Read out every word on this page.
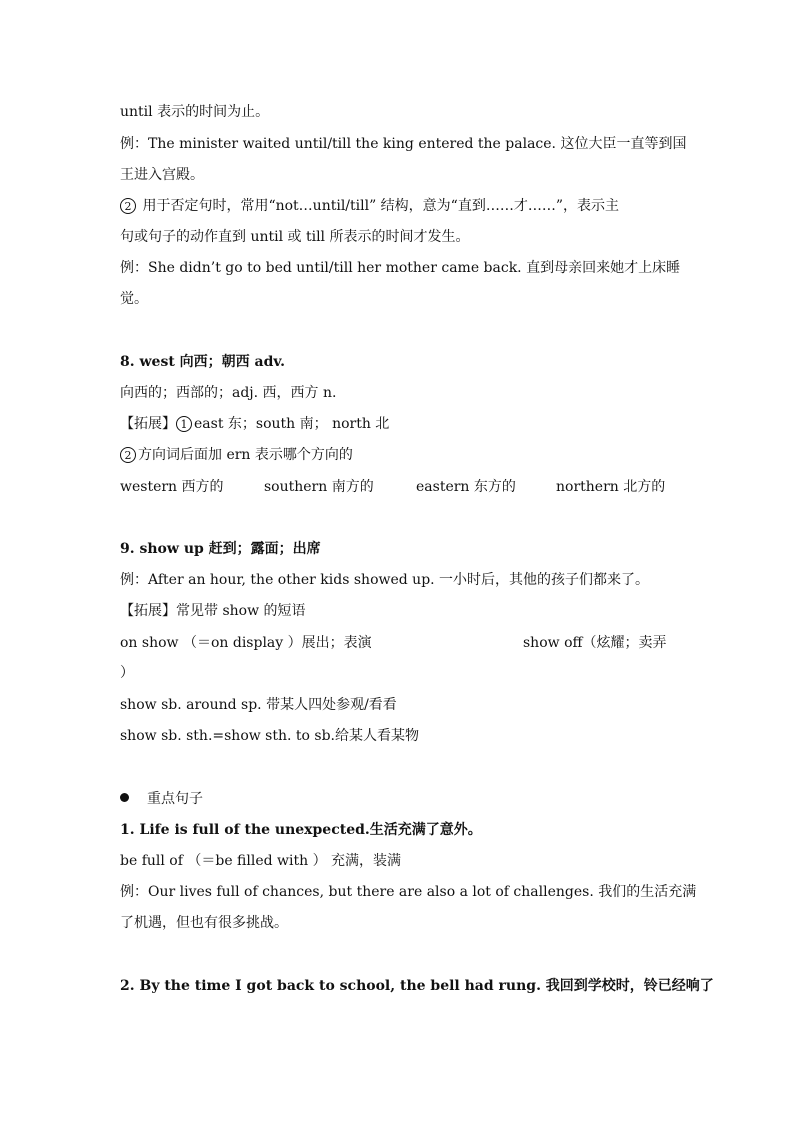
until 表示的时间为止。
例：The minister waited until/till the king entered the palace. 这位大臣一直等到国
王进入宫殿。
2 用于否定句时，常用“not…until/till” 结构，意为“直到……才……”，表示主
句或句子的动作直到 until 或 till 所表示的时间才发生。
例：She didn’t go to bed until/till her mother came back. 直到母亲回来她才上床睡
觉。
8. west 向西；朝西 adv.
向西的；西部的；adj. 西，西方 n.
【拓展】 1 east 东；south 南； north 北
2 方向词后面加 ern 表示哪个方向的
western 西方的	southern 南方的	eastern 东方的	northern 北方的
9. show up 赶到；露面；出席
例：After an hour, the other kids showed up. 一小时后，其他的孩子们都来了。
【拓展】常见带 show 的短语
on show （＝on display ）展出；表演	show off（炫耀；卖弄
）
show sb. around sp. 带某人四处参观/看看
show sb. sth.=show sth. to sb.给某人看某物
重点句子
1. Life is full of the unexpected.生活充满了意外。
be full of （＝be filled with ） 充满，装满
例：Our lives full of chances, but there are also a lot of challenges. 我们的生活充满
了机遇，但也有很多挑战。
2. By the time I got back to school, the bell had rung. 我回到学校时，铃已经响了
